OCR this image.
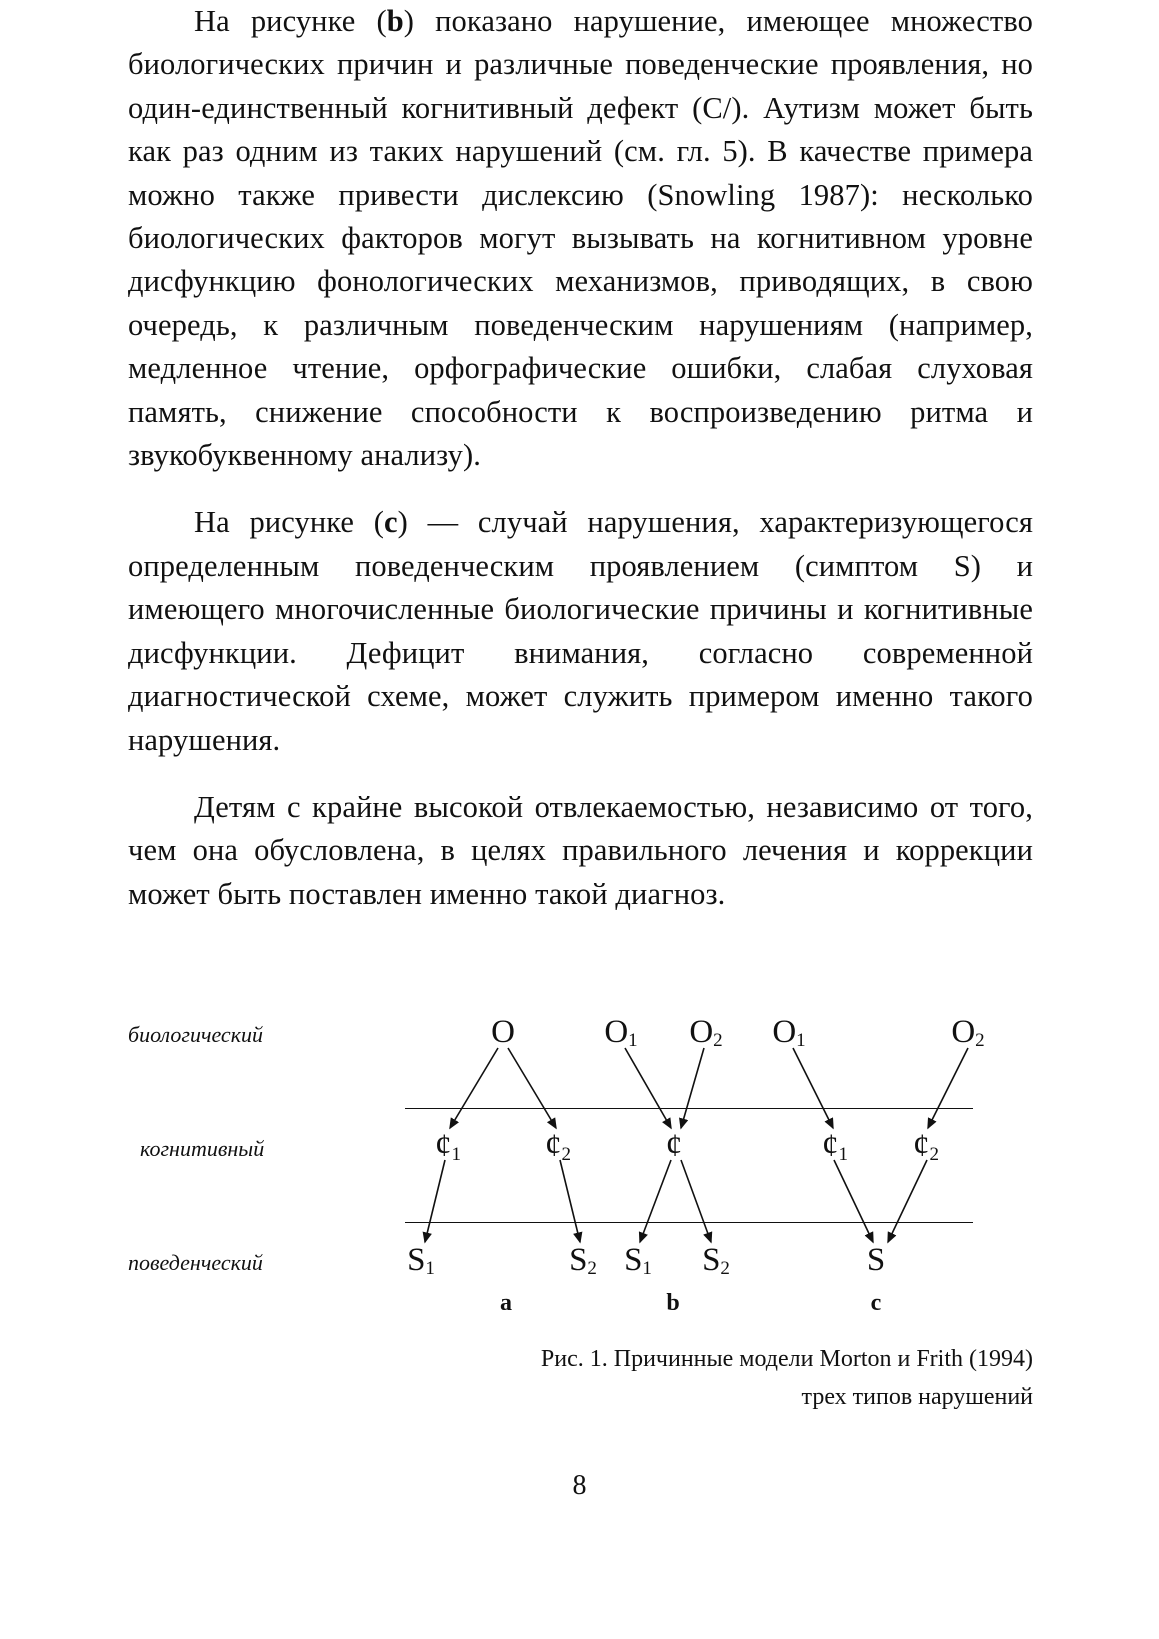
На рисунке (b) показано нарушение, имеющее множество биологических причин и различные поведенческие проявления, но один-единственный когнитивный дефект (C/). Аутизм может быть как раз одним из таких нарушений (см. гл. 5). В качестве примера можно также привести дислексию (Snowling 1987): несколько биологических факторов могут вызывать на когнитивном уровне дисфункцию фонологических механизмов, приводящих, в свою очередь, к различным поведенческим нарушениям (например, медленное чтение, орфографические ошибки, слабая слуховая память, снижение способности к воспроизведению ритма и звукобуквенному анализу).

На рисунке (c) — случай нарушения, характеризующегося определенным поведенческим проявлением (симптом S) и имеющего многочисленные биологические причины и когнитивные дисфункции. Дефицит внимания, согласно современной диагностической схеме, может служить примером именно такого нарушения.

Детям с крайне высокой отвлекаемостью, независимо от того, чем она обусловлена, в целях правильного лечения и коррекции может быть поставлен именно такой диагноз.

биологический
когнитивный
поведенческий
O	$O_1$ $O_2$ $O_1$	$O_2$
$¢_1$	$¢_2$	¢	$¢_1$ $¢_2$
$S_1$	$S_2$ $S_1$ $S_2$	S
a	b	c
Рис. 1. Причинные модели Morton и Frith (1994)
трех типов нарушений
8
